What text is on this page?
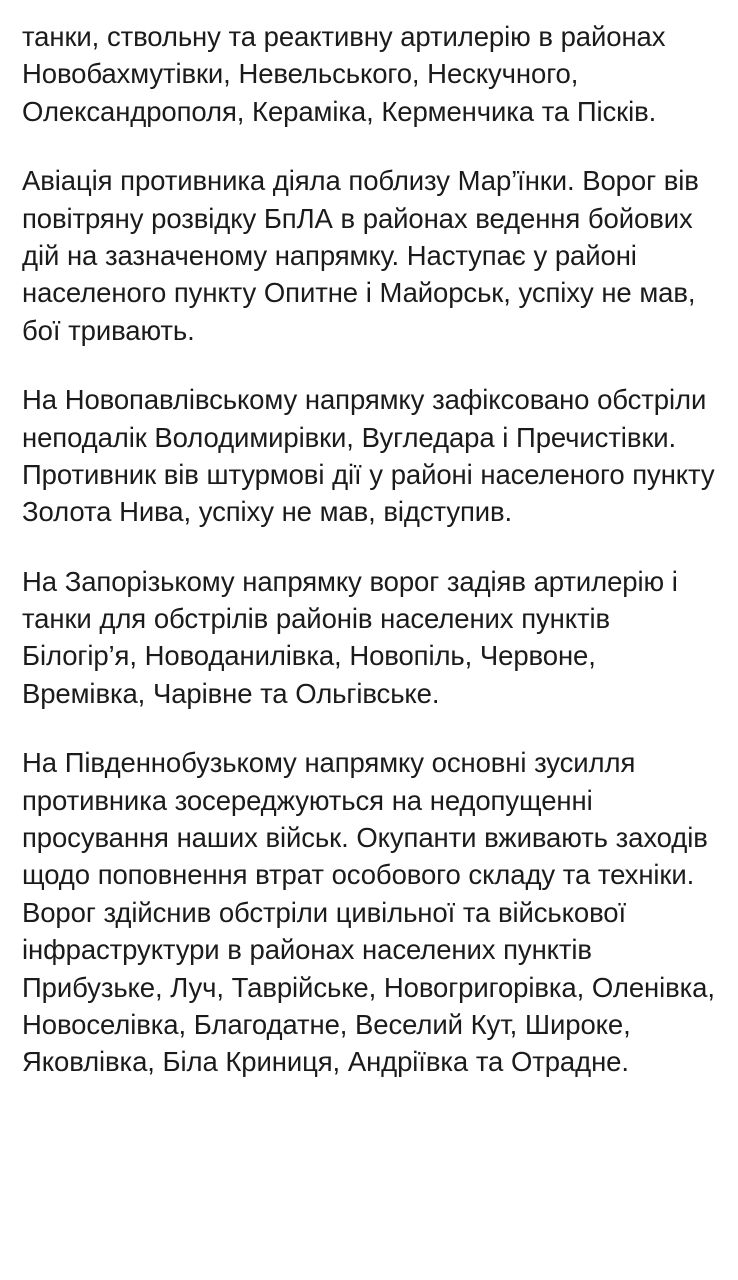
танки, ствольну та реактивну артилерію в районах Новобахмутівки, Невельського, Нескучного, Олександрополя, Кераміка, Керменчика та Пісків.

Авіація противника діяла поблизу Мар’їнки. Ворог вів повітряну розвідку БпЛА в районах ведення бойових дій на зазначеному напрямку. Наступає у районі населеного пункту Опитне і Майорськ, успіху не мав, бої тривають.

На Новопавлівському напрямку зафіксовано обстріли неподалік Володимирівки, Вугледара і Пречистівки. Противник вів штурмові дії у районі населеного пункту Золота Нива, успіху не мав, відступив.

На Запорізькому напрямку ворог задіяв артилерію і танки для обстрілів районів населених пунктів Білогір’я, Новоданилівка, Новопіль, Червоне, Времівка, Чарівне та Ольгівське.

На Південнобузькому напрямку основні зусилля противника зосереджуються на недопущенні просування наших військ. Окупанти вживають заходів щодо поповнення втрат особового складу та техніки. Ворог здійснив обстріли цивільної та військової інфраструктури в районах населених пунктів Прибузьке, Луч, Таврійське, Новогригорівка, Оленівка, Новоселівка, Благодатне, Веселий Кут, Широке, Яковлівка, Біла Криниця, Андріївка та Отрадне.
